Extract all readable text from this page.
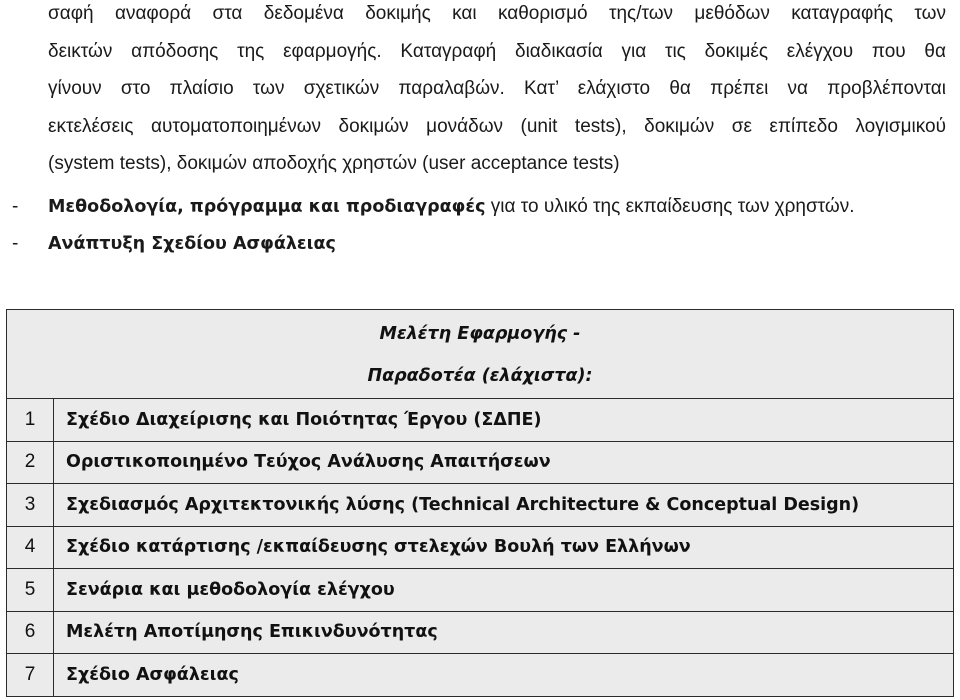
σαφή αναφορά στα δεδομένα δοκιμής και καθορισμό της/των μεθόδων καταγραφής των
δεικτών απόδοσης της εφαρμογής. Καταγραφή διαδικασία για τις δοκιμές ελέγχου που θα
γίνουν στο πλαίσιο των σχετικών παραλαβών. Κατ’ ελάχιστο θα πρέπει να προβλέπονται
εκτελέσεις αυτοματοποιημένων δοκιμών μονάδων (unit tests), δοκιμών σε επίπεδο λογισμικού
(system tests), δοκιμών αποδοχής χρηστών (user acceptance tests)
- Μεθοδολογία, πρόγραμμα και προδιαγραφές για το υλικό της εκπαίδευσης των χρηστών.
- Ανάπτυξη Σχεδίου Ασφάλειας
Μελέτη Εφαρμογής -
Παραδοτέα (ελάχιστα):	

1	Σχέδιο Διαχείρισης και Ποιότητας Έργου (ΣΔΠΕ)
2	Οριστικοποιημένο Τεύχος Ανάλυσης Απαιτήσεων
3	Σχεδιασμός Αρχιτεκτονικής λύσης (Technical Architecture & Conceptual Design)
4	Σχέδιο κατάρτισης /εκπαίδευσης στελεχών Βουλή των Ελλήνων
5	Σενάρια και μεθοδολογία ελέγχου
6	Μελέτη Αποτίμησης Επικινδυνότητας
7	Σχέδιο Ασφάλειας
